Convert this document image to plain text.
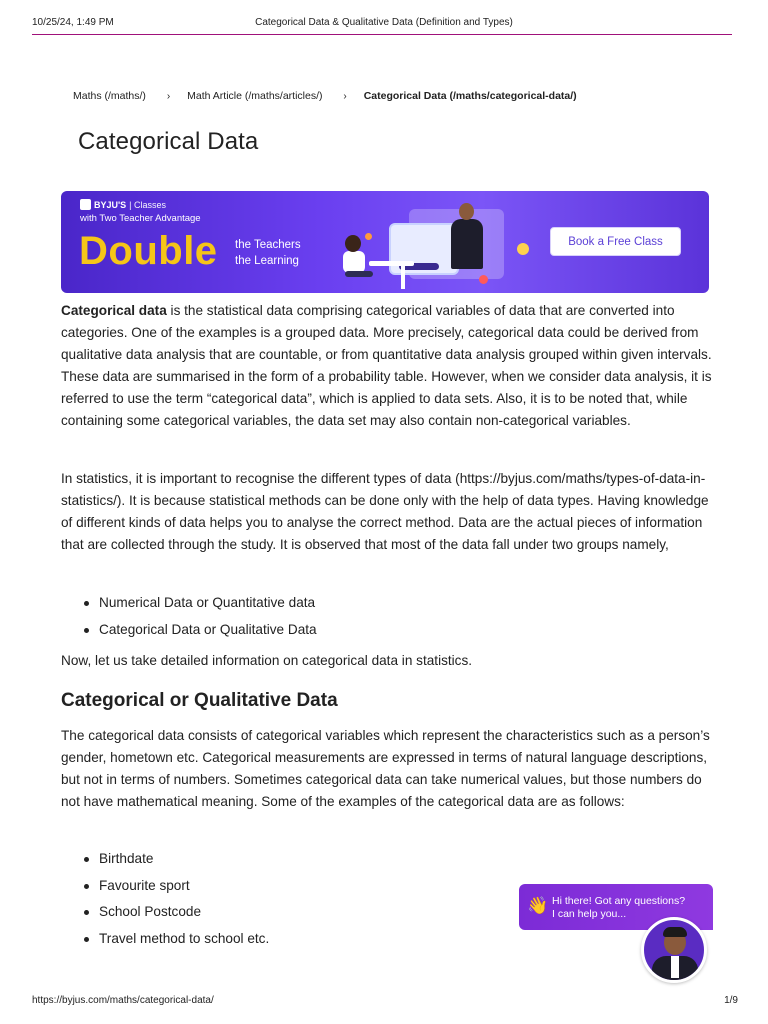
10/25/24, 1:49 PM	Categorical Data & Qualitative Data (Definition and Types)
Maths (/maths/) › Math Article (/maths/articles/) › Categorical Data (/maths/categorical-data/)
Categorical Data
BYJU'S | Classes
with Two Teacher Advantage
Double the Teachers
the Learning
Book a Free Class

Categorical data is the statistical data comprising categorical variables of data that are converted into categories. One of the examples is a grouped data. More precisely, categorical data could be derived from qualitative data analysis that are countable, or from quantitative data analysis grouped within given intervals. These data are summarised in the form of a probability table. However, when we consider data analysis, it is referred to use the term “categorical data”, which is applied to data sets. Also, it is to be noted that, while containing some categorical variables, the data set may also contain non-categorical variables.

In statistics, it is important to recognise the different types of data (https://byjus.com/maths/types-of-data-in-statistics/). It is because statistical methods can be done only with the help of data types. Having knowledge of different kinds of data helps you to analyse the correct method. Data are the actual pieces of information that are collected through the study. It is observed that most of the data fall under two groups namely,

Numerical Data or Quantitative data
Categorical Data or Qualitative Data

Now, let us take detailed information on categorical data in statistics.

Categorical or Qualitative Data

The categorical data consists of categorical variables which represent the characteristics such as a person’s gender, hometown etc. Categorical measurements are expressed in terms of natural language descriptions, but not in terms of numbers. Sometimes categorical data can take numerical values, but those numbers do not have mathematical meaning. Some of the examples of the categorical data are as follows:

Birthdate
Favourite sport
School Postcode
Travel method to school etc.
👋 Hi there! Got any questions?
I can help you...
https://byjus.com/maths/categorical-data/	1/9
